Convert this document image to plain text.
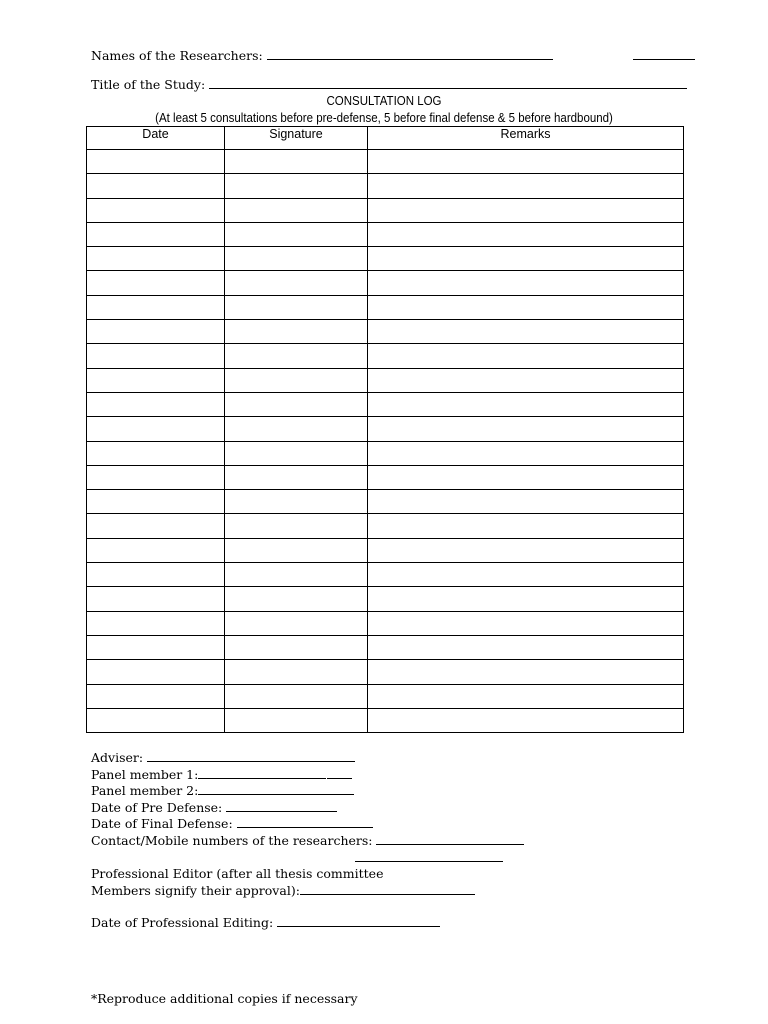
Names of the Researchers:
Title of the Study:
CONSULTATION LOG
(At least 5 consultations before pre-defense, 5 before final defense & 5 before hardbound)
Date	Signature	Remarks

Adviser:
Panel member 1:
Panel member 2:
Date of Pre Defense:
Date of Final Defense:
Contact/Mobile numbers of the researchers:
Professional Editor (after all thesis committee
Members signify their approval):
Date of Professional Editing:
*Reproduce additional copies if necessary
